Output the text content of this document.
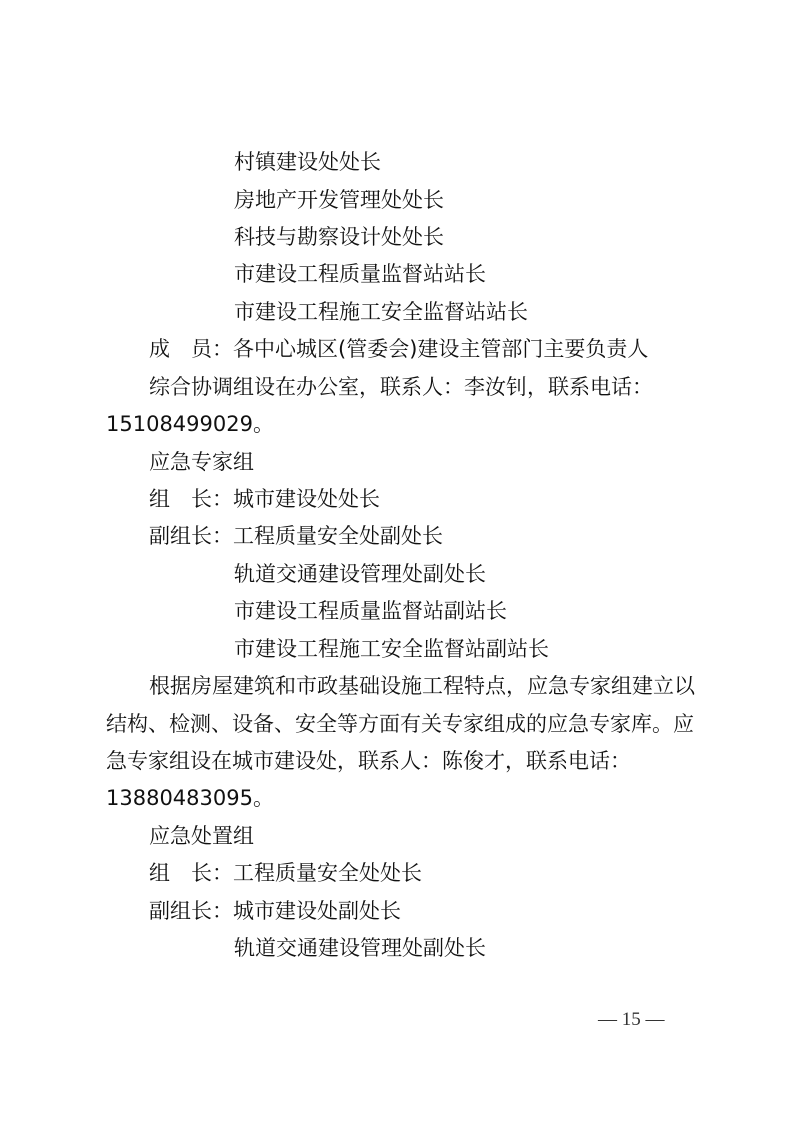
村镇建设处处长
房地产开发管理处处长
科技与勘察设计处处长
市建设工程质量监督站站长
市建设工程施工安全监督站站长
成　员：各中心城区(管委会)建设主管部门主要负责人
综合协调组设在办公室，联系人：李汝钊，联系电话：
15108499029。
应急专家组
组　长：城市建设处处长
副组长：工程质量安全处副处长
轨道交通建设管理处副处长
市建设工程质量监督站副站长
市建设工程施工安全监督站副站长
根据房屋建筑和市政基础设施工程特点，应急专家组建立以
结构、检测、设备、安全等方面有关专家组成的应急专家库。应
急专家组设在城市建设处，联系人：陈俊才，联系电话：
13880483095。
应急处置组
组　长：工程质量安全处处长
副组长：城市建设处副处长
轨道交通建设管理处副处长
— 15 —
